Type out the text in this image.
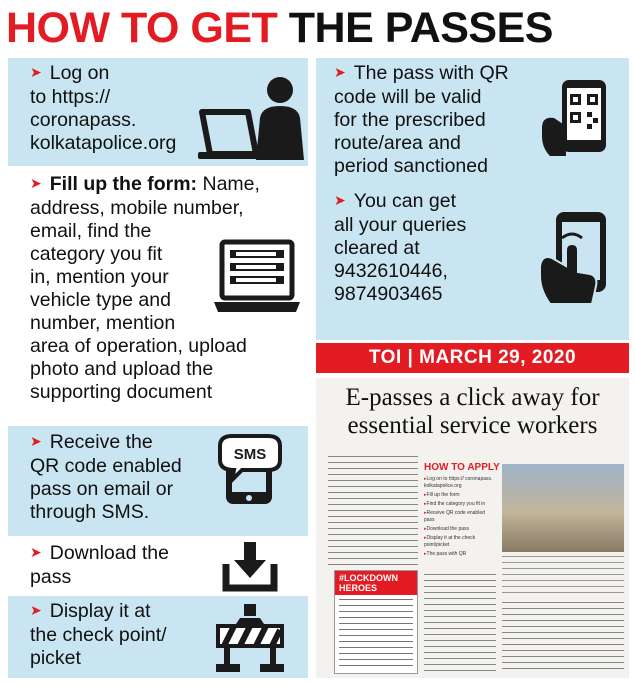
HOW TO GET THE PASSES
➤ Log on
to https://
coronapass.
kolkatapolice.org
➤ Fill up the form: Name,
address, mobile number,
email, find the
category you fit
in, mention your
vehicle type and
number, mention
area of operation, upload
photo and upload the
supporting document
➤ Receive the
QR code enabled
pass on email or
through SMS.
SMS
➤ Download the
pass
➤ Display it at
the check point/
picket
➤ The pass with QR
code will be valid
for the prescribed
route/area and
period sanctioned
➤ You can get
all your queries
cleared at
9432610446,
9874903465
TOI | MARCH 29, 2020
E-passes a click away for
essential service workers
HOW TO APPLY
▸ Log on to https:// coronapass. kolkatapolice.org
▸ Fill up the form
▸ Find the category you fit in
▸ Receive QR code enabled pass
▸ Download the pass
▸ Display it at the check point/picket
▸ The pass with QR
#LOCKDOWN HEROES
